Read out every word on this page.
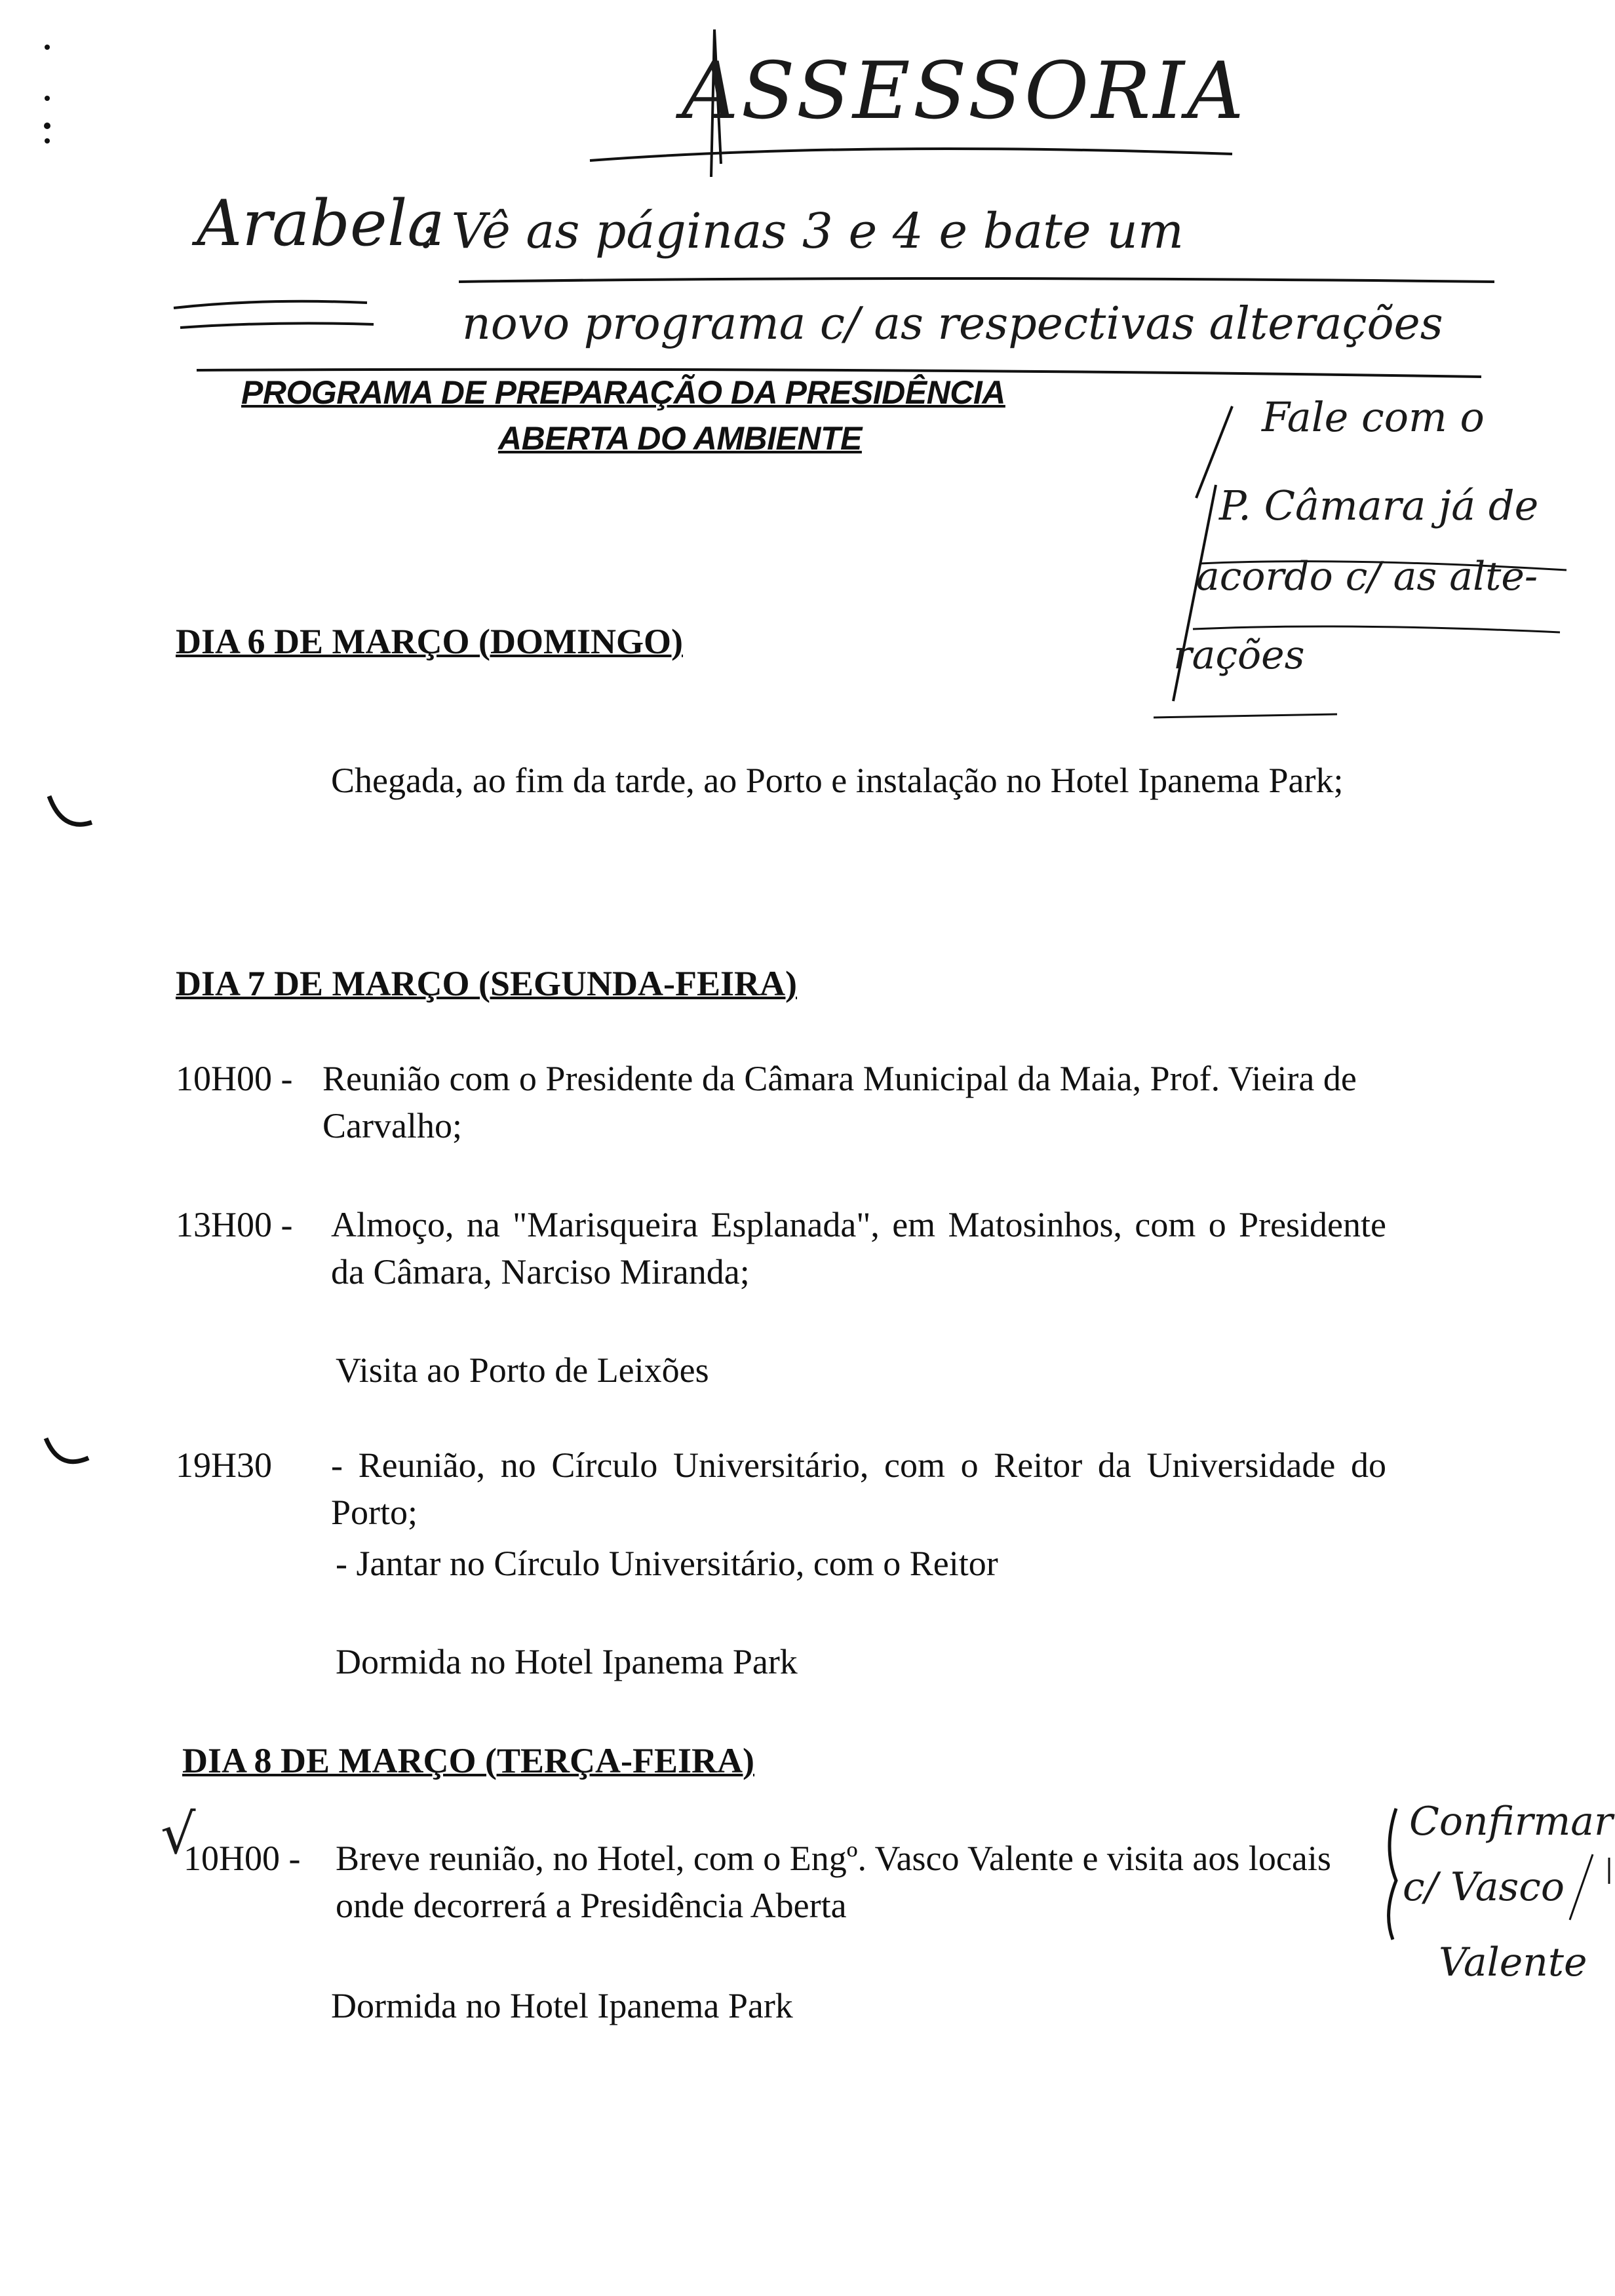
ASSESSORIA
Arabela
: Vê as páginas 3 e 4 e bate um
novo programa c/ as respectivas alterações
Fale com o
P. Câmara já de
acordo c/ as alte-
rações
Confirmar
c/ Vasco
Valente
√
PROGRAMA DE PREPARAÇÃO DA PRESIDÊNCIA
ABERTA DO AMBIENTE
DIA 6 DE MARÇO (DOMINGO)
Chegada, ao fim da tarde, ao Porto e instalação no Hotel Ipanema Park;
DIA 7 DE MARÇO (SEGUNDA-FEIRA)
10H00 - Reunião com o Presidente da Câmara Municipal da Maia, Prof. Vieira de Carvalho;
13H00 - Almoço, na "Marisqueira Esplanada", em Matosinhos, com o Presidente da Câmara, Narciso Miranda;
Visita ao Porto de Leixões
19H30 - Reunião, no Círculo Universitário, com o Reitor da Universidade do Porto;
- Jantar no Círculo Universitário, com o Reitor
Dormida no Hotel Ipanema Park
DIA 8 DE MARÇO (TERÇA-FEIRA)
10H00 - Breve reunião, no Hotel, com o Engº. Vasco Valente e visita aos locais onde decorrerá a Presidência Aberta
Dormida no Hotel Ipanema Park
